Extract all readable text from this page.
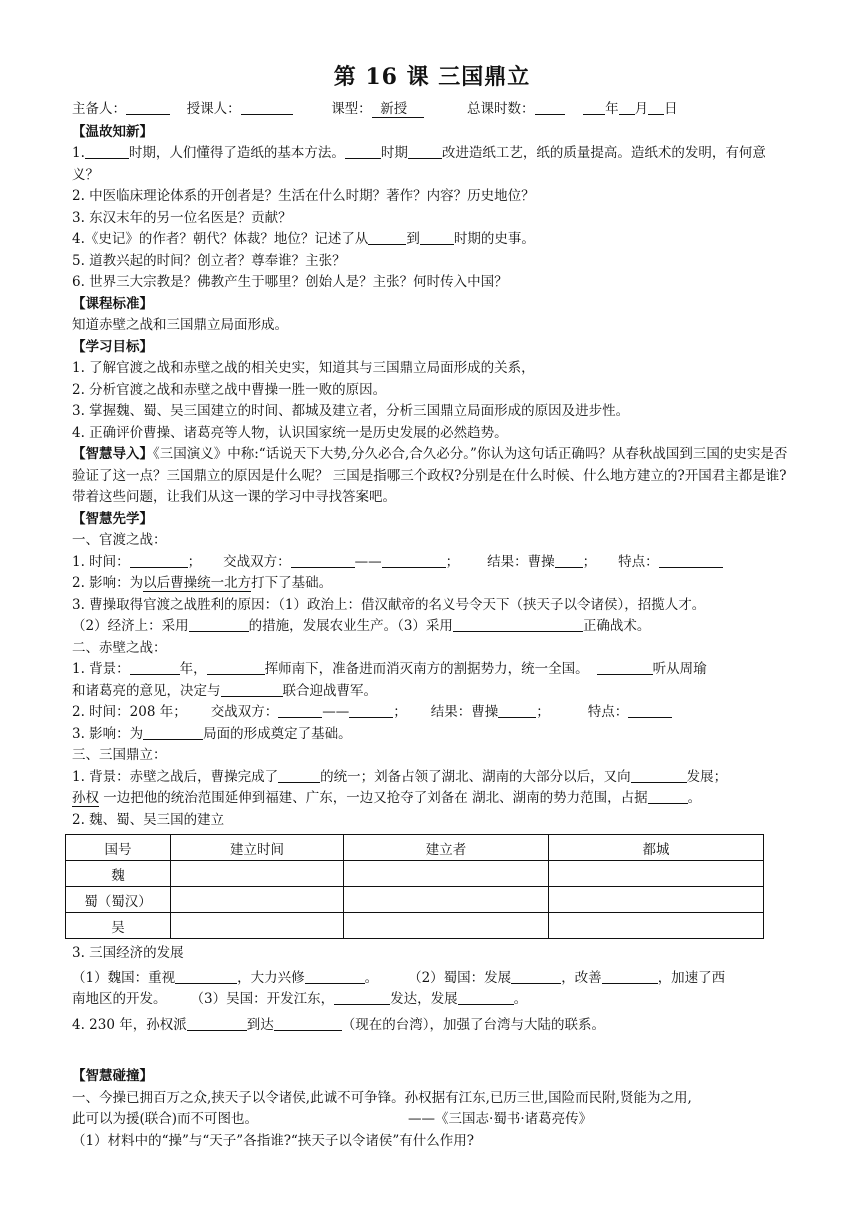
第 16 课 三国鼎立
主备人：	授课人：	课型： 新授	总课时数：	年 月 日
【温故知新】
1.	时期，人们懂得了造纸的基本方法。	时期	改进造纸工艺，纸的质量提高。造纸术的发明，有何意义？
2. 中医临床理论体系的开创者是？生活在什么时期？著作？内容？历史地位？
3. 东汉末年的另一位名医是？贡献？
4.《史记》的作者？朝代？体裁？地位？记述了从	到	时期的史事。
5. 道教兴起的时间？创立者？尊奉谁？主张？
6. 世界三大宗教是？佛教产生于哪里？创始人是？主张？何时传入中国？
【课程标准】
知道赤壁之战和三国鼎立局面形成。
【学习目标】
1. 了解官渡之战和赤壁之战的相关史实，知道其与三国鼎立局面形成的关系，
2. 分析官渡之战和赤壁之战中曹操一胜一败的原因。
3. 掌握魏、蜀、吴三国建立的时间、都城及建立者，分析三国鼎立局面形成的原因及进步性。
4. 正确评价曹操、诸葛亮等人物，认识国家统一是历史发展的必然趋势。
【智慧导入】《三国演义》中称:“话说天下大势,分久必合,合久必分。”你认为这句话正确吗？从春秋战国到三国的史实是否验证了这一点？三国鼎立的原因是什么呢？ 三国是指哪三个政权?分别是在什么时候、什么地方建立的?开国君主都是谁?带着这些问题，让我们从这一课的学习中寻找答案吧。
【智慧先学】
一、官渡之战：
1. 时间：	； 交战双方：	——	； 结果：曹操 ； 特点：
2. 影响：为以后曹操统一北方打下了基础。
3. 曹操取得官渡之战胜利的原因：（1）政治上：借汉献帝的名义号令天下（挟天子以令诸侯），招揽人才。
（2）经济上：采用	的措施，发展农业生产。（3）采用	正确战术。
二、赤壁之战：
1. 背景：	年，	挥师南下，准备进而消灭南方的割据势力，统一全国。	听从周瑜
和诸葛亮的意见，决定与	联合迎战曹军。
2. 时间：208 年； 交战双方：	——	； 结果：曹操	；	特点：
3. 影响：为	局面的形成奠定了基础。
三、三国鼎立：
1. 背景：赤壁之战后，曹操完成了	的统一；刘备占领了湖北、湖南的大部分以后，又向	发展；
孙权 一边把他的统治范围延伸到福建、广东，一边又抢夺了刘备在 湖北、湖南的势力范围，占据	。
2. 魏、蜀、吴三国的建立
国号	建立时间	建立者	都城
魏			
蜀（蜀汉）			
吴			
3. 三国经济的发展
（1）魏国：重视	，大力兴修	。 （2）蜀国：发展	，改善	，加速了西
南地区的开发。 （3）吴国：开发江东，	发达，发展	。
4. 230 年，孙权派	到达	（现在的台湾），加强了台湾与大陆的联系。
【智慧碰撞】
一、今操已拥百万之众,挟天子以令诸侯,此诚不可争锋。孙权据有江东,已历三世,国险而民附,贤能为之用,
此可以为援(联合)而不可图也。	——《三国志·蜀书·诸葛亮传》
（1）材料中的“操”与“天子”各指谁?“挟天子以令诸侯”有什么作用?
